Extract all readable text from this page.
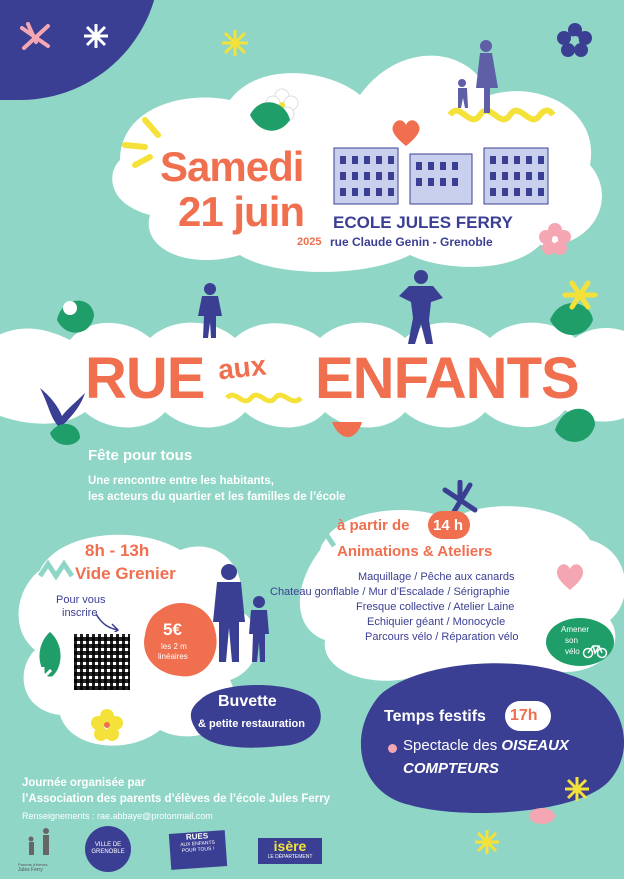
Samedi
21 juin
2025
ECOLE JULES FERRY
rue Claude Genin - Grenoble
RUE aux ENFANTS
Fête pour tous
Une rencontre entre les habitants,
les acteurs du quartier et les familles de l’école
8h - 13h
Vide Grenier
Pour vous
inscrire
5€
les 2 m
linéaires
à partir de 14 h
Animations & Ateliers
Maquillage / Pêche aux canards
Chateau gonflable / Mur d’Escalade / Sérigraphie
Fresque collective / Atelier Laine
Echiquier géant / Monocycle
Parcours vélo / Réparation vélo
Amener
son
vélo
Buvette
& petite restauration	Temps festifs 17h
Spectacle des OISEAUX
COMPTEURS
Journée organisée par
l’Association des parents d’élèves de l’école Jules Ferry
Renseignements : rae.abbaye@protonmail.com
Parents d'élèves
Jules Ferry
VILLE DE GRENOBLE
RUES
AUX ENFANTS
POUR TOUS !	isère
LE DÉPARTEMENT
